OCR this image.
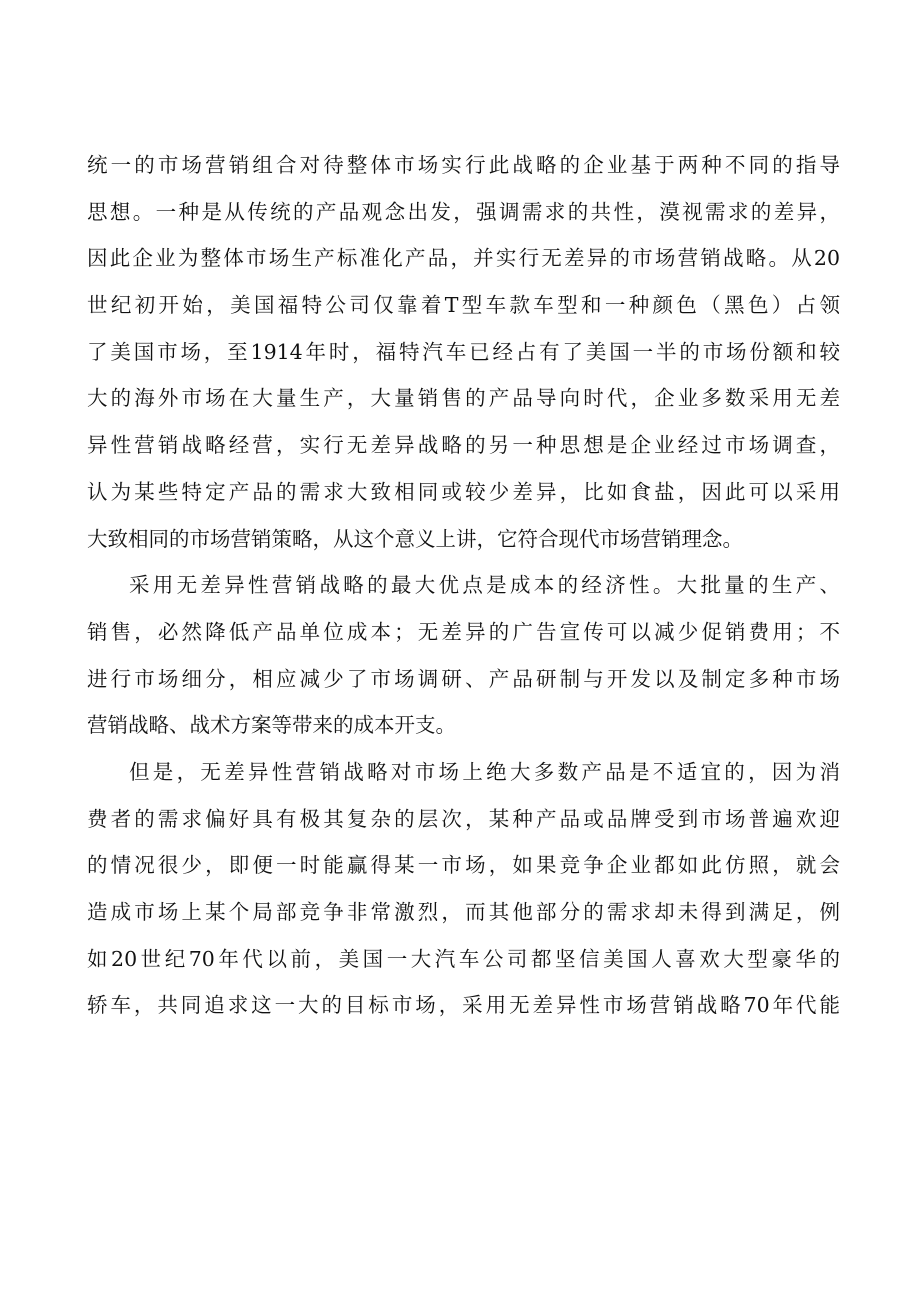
统一的市场营销组合对待整体市场实行此战略的企业基于两种不同的指导
思想。一种是从传统的产品观念出发，强调需求的共性，漠视需求的差异，
因此企业为整体市场生产标准化产品，并实行无差异的市场营销战略。从20
世纪初开始，美国福特公司仅靠着T型车款车型和一种颜色（黑色）占领
了美国市场，至1914年时，福特汽车已经占有了美国一半的市场份额和较
大的海外市场在大量生产，大量销售的产品导向时代，企业多数采用无差
异性营销战略经营，实行无差异战略的另一种思想是企业经过市场调查，
认为某些特定产品的需求大致相同或较少差异，比如食盐，因此可以采用
大致相同的市场营销策略，从这个意义上讲，它符合现代市场营销理念。
采用无差异性营销战略的最大优点是成本的经济性。大批量的生产、
销售，必然降低产品单位成本；无差异的广告宣传可以减少促销费用；不
进行市场细分，相应减少了市场调研、产品研制与开发以及制定多种市场
营销战略、战术方案等带来的成本开支。
但是，无差异性营销战略对市场上绝大多数产品是不适宜的，因为消
费者的需求偏好具有极其复杂的层次，某种产品或品牌受到市场普遍欢迎
的情况很少，即便一时能赢得某一市场，如果竞争企业都如此仿照，就会
造成市场上某个局部竞争非常激烈，而其他部分的需求却未得到满足，例
如20世纪70年代以前，美国一大汽车公司都坚信美国人喜欢大型豪华的
轿车，共同追求这一大的目标市场，采用无差异性市场营销战略70年代能
